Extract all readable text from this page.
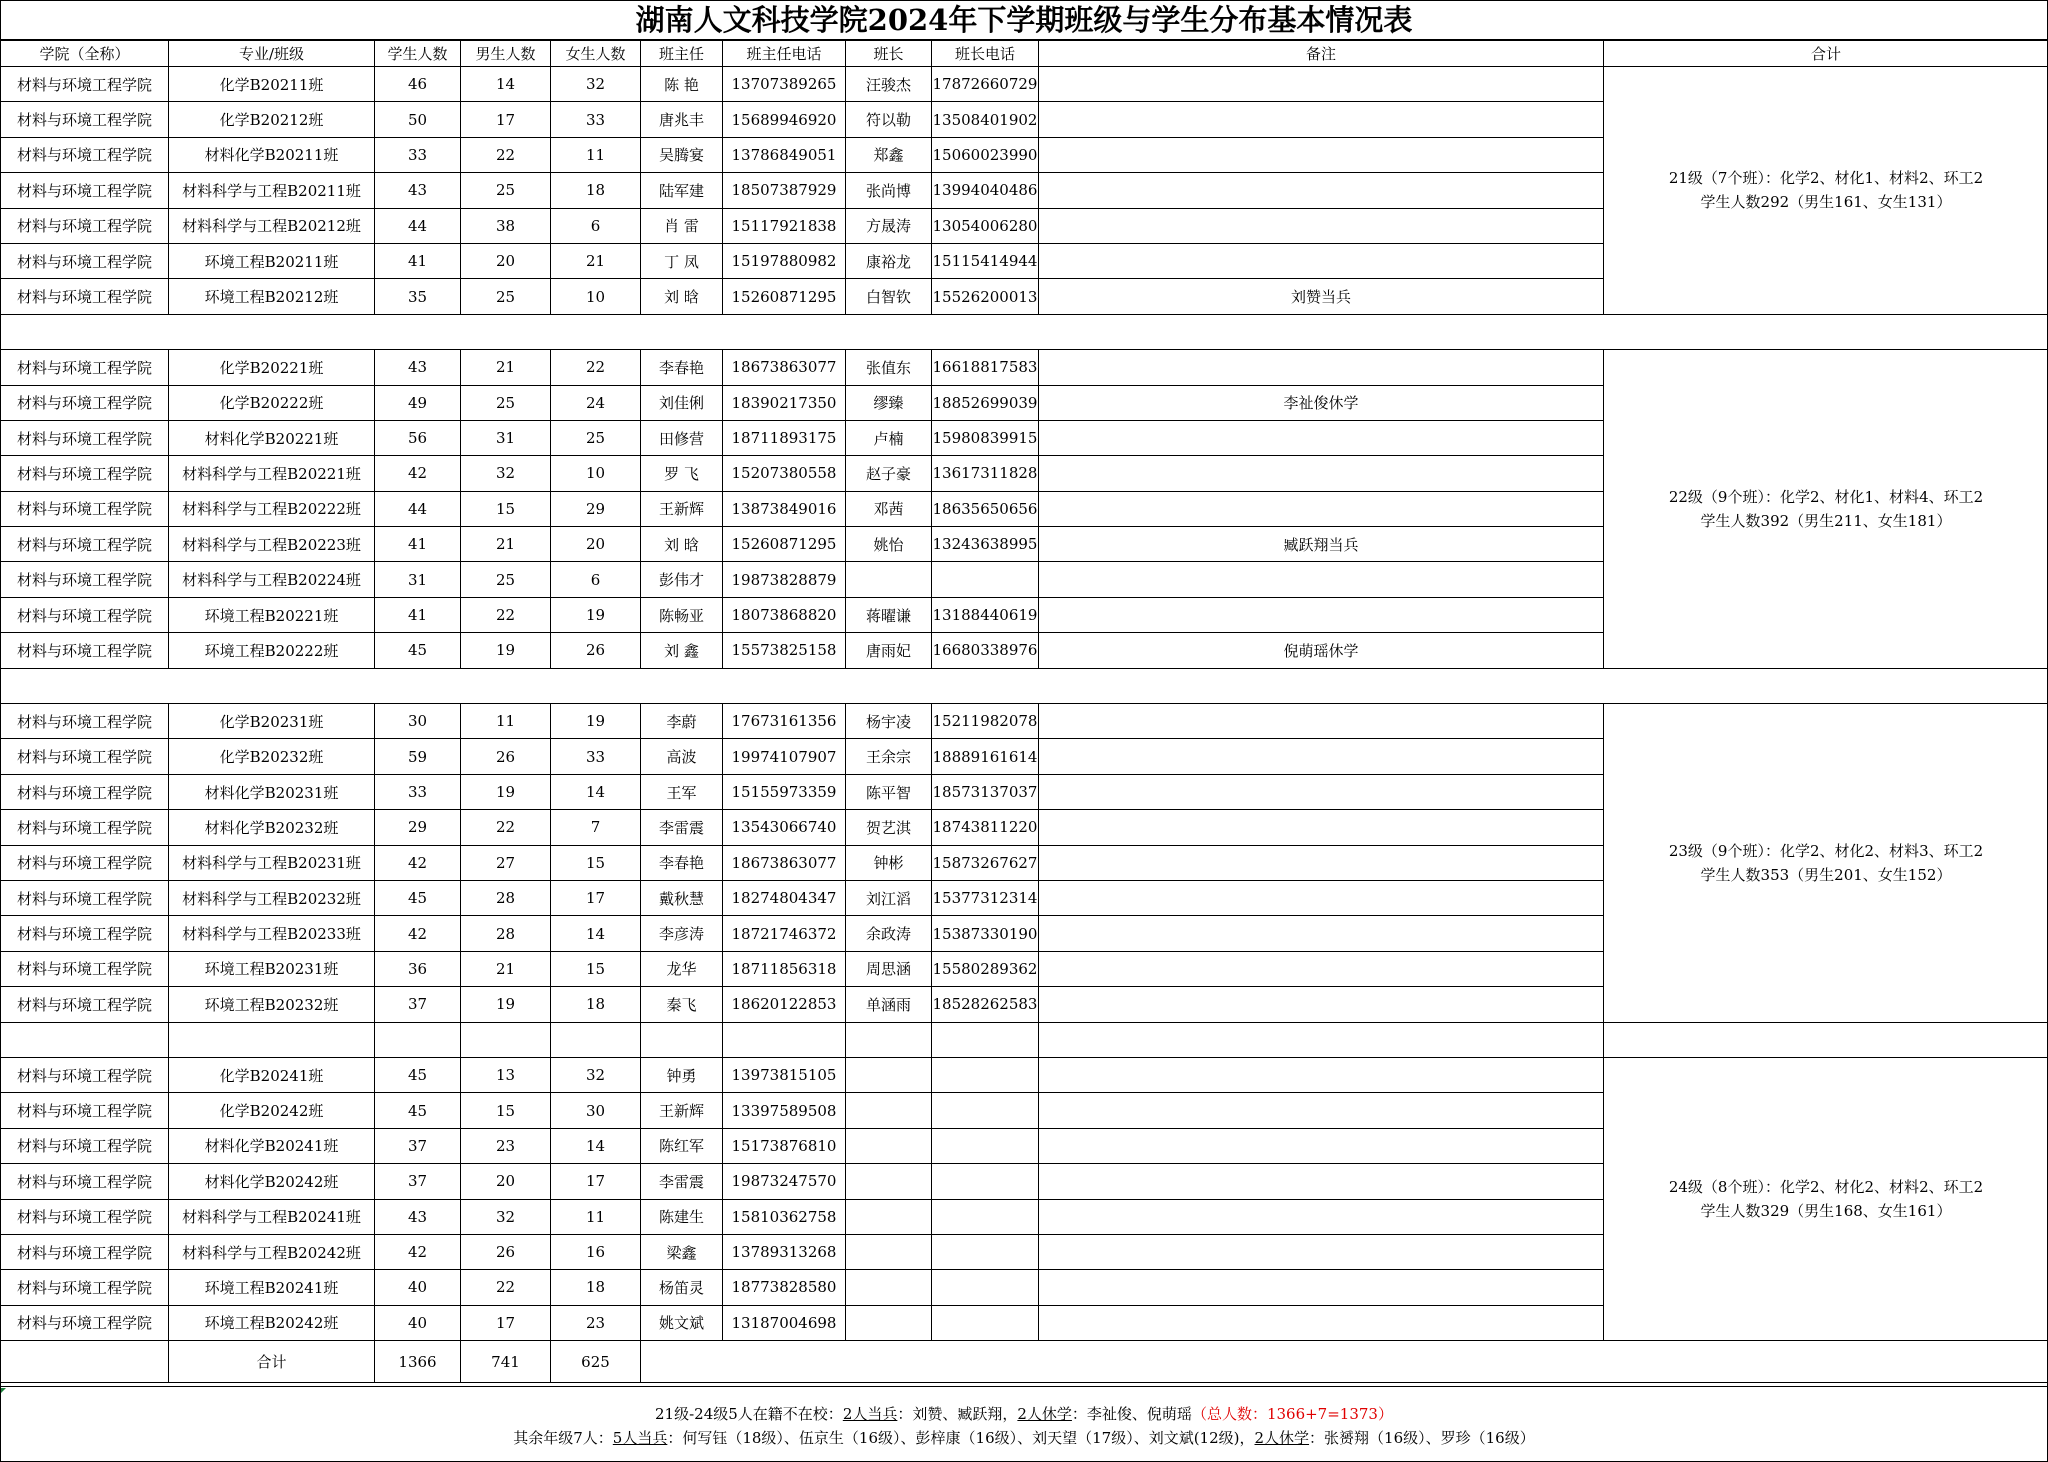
湖南人文科技学院2024年下学期班级与学生分布基本情况表
学院（全称）	专业/班级	学生人数	男生人数	女生人数	班主任	班主任电话	班长	班长电话	备注	合计
材料与环境工程学院	化学B20211班	46	14	32	陈 艳	13707389265	汪骏杰	17872660729		21级（7个班）：化学2、材化1、材料2、环工2
学生人数292（男生161、女生131）

材料与环境工程学院	化学B20212班	50	17	33	唐兆丰	15689946920	符以勒	13508401902		
材料与环境工程学院	材料化学B20211班	33	22	11	吴腾宴	13786849051	郑鑫	15060023990		
材料与环境工程学院	材料科学与工程B20211班	43	25	18	陆军建	18507387929	张尚博	13994040486		
材料与环境工程学院	材料科学与工程B20212班	44	38	6	肖 雷	15117921838	方晟涛	13054006280		
材料与环境工程学院	环境工程B20211班	41	20	21	丁 凤	15197880982	康裕龙	15115414944		
材料与环境工程学院	环境工程B20212班	35	25	10	刘 晗	15260871295	白智钦	15526200013	刘赞当兵	

材料与环境工程学院	化学B20221班	43	21	22	李春艳	18673863077	张值东	16618817583		22级（9个班）：化学2、材化1、材料4、环工2
学生人数392（男生211、女生181）

材料与环境工程学院	化学B20222班	49	25	24	刘佳俐	18390217350	缪臻	18852699039	李祉俊休学	
材料与环境工程学院	材料化学B20221班	56	31	25	田修营	18711893175	卢楠	15980839915		
材料与环境工程学院	材料科学与工程B20221班	42	32	10	罗 飞	15207380558	赵子豪	13617311828		
材料与环境工程学院	材料科学与工程B20222班	44	15	29	王新辉	13873849016	邓茜	18635650656		
材料与环境工程学院	材料科学与工程B20223班	41	21	20	刘 晗	15260871295	姚怡	13243638995	臧跃翔当兵	
材料与环境工程学院	材料科学与工程B20224班	31	25	6	彭伟才	19873828879				
材料与环境工程学院	环境工程B20221班	41	22	19	陈畅亚	18073868820	蒋曜谦	13188440619		
材料与环境工程学院	环境工程B20222班	45	19	26	刘 鑫	15573825158	唐雨妃	16680338976	倪萌瑶休学	

材料与环境工程学院	化学B20231班	30	11	19	李蔚	17673161356	杨宇凌	15211982078		23级（9个班）：化学2、材化2、材料3、环工2
学生人数353（男生201、女生152）

材料与环境工程学院	化学B20232班	59	26	33	高波	19974107907	王余宗	18889161614		
材料与环境工程学院	材料化学B20231班	33	19	14	王军	15155973359	陈平智	18573137037		
材料与环境工程学院	材料化学B20232班	29	22	7	李雷震	13543066740	贺艺淇	18743811220		
材料与环境工程学院	材料科学与工程B20231班	42	27	15	李春艳	18673863077	钟彬	15873267627		
材料与环境工程学院	材料科学与工程B20232班	45	28	17	戴秋慧	18274804347	刘江滔	15377312314		
材料与环境工程学院	材料科学与工程B20233班	42	28	14	李彦涛	18721746372	余政涛	15387330190		
材料与环境工程学院	环境工程B20231班	36	21	15	龙华	18711856318	周思涵	15580289362		
材料与环境工程学院	环境工程B20232班	37	19	18	秦飞	18620122853	单涵雨	18528262583		

材料与环境工程学院	化学B20241班	45	13	32	钟勇	13973815105				24级（8个班）：化学2、材化2、材料2、环工2
学生人数329（男生168、女生161）

材料与环境工程学院	化学B20242班	45	15	30	王新辉	13397589508				
材料与环境工程学院	材料化学B20241班	37	23	14	陈红军	15173876810				
材料与环境工程学院	材料化学B20242班	37	20	17	李雷震	19873247570				
材料与环境工程学院	材料科学与工程B20241班	43	32	11	陈建生	15810362758				
材料与环境工程学院	材料科学与工程B20242班	42	26	16	梁鑫	13789313268				
材料与环境工程学院	环境工程B20241班	40	22	18	杨笛灵	18773828580				
材料与环境工程学院	环境工程B20242班	40	17	23	姚文斌	13187004698				
	合计	1366	741	625						
21级-24级5人在籍不在校：2人当兵：刘赞、臧跃翔，2人休学：李祉俊、倪萌瑶（总人数：1366+7=1373）
其余年级7人：5人当兵：何写钰（18级）、伍京生（16级）、彭梓康（16级）、刘天望（17级）、刘文斌(12级)，2人休学：张赟翔（16级）、罗珍（16级）
